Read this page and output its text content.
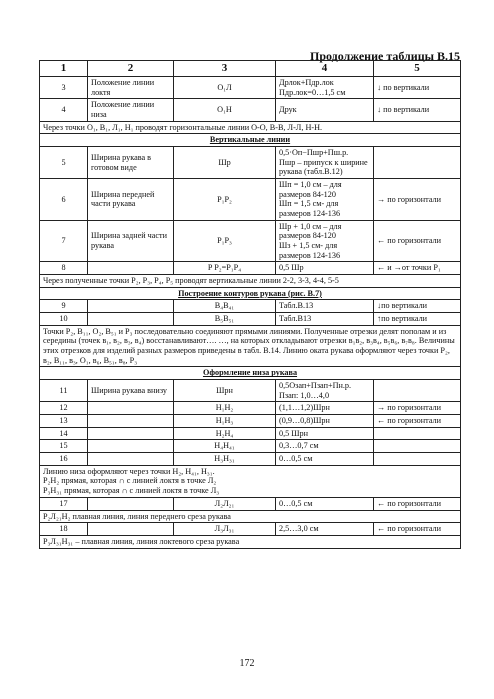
Продолжение таблицы В.15
1	2	3	4	5
3	Положение линии локтя	O₁Л	Дрлок+Пдр.лок
Пдр.лок=0…1,5 см	↓ по вертикали
4	Положение линии низа	O₁Н	Друк	↓ по вертикали
Через точки О₁, В₁, Л₁, Н₁ проводят горизонтальные линии О-О, В-В, Л-Л, Н-Н.				
Вертикальные линии				
5	Ширина рукава в готовом виде	Шр	0,5·Оп−Пшр+Пш.р.
Пшр – припуск к ширине рукава (табл.В.12)	
6	Ширина передней части рукава	P₁P₂	Шп = 1,0 см – для размеров 84-120
Шп = 1,5 см- для размеров 124-136	→ по горизонтали
7	Ширина задней части рукава	P₁P₃	Шр + 1,0 см – для размеров 84-120
Шз + 1,5 см- для размеров 124-136	← по горизонтали
8		P P₂=P₁P₄	0,5 Шр	← и →от точки Р₁
Через полученные точки Р₂, Р₃, Р₄, Р₅ проводят вертикальные линии 2-2, 3-3, 4-4, 5-5				
Построение контуров рукава (рис. В.7)				
9		B₄B₄₁	Табл.В.13	↓по вертикали
10		B₅B₅₁	Табл.В13	↑по вертикали
Точки Р₂, В₁₁, О₂, В₅₁ и Р₃ последовательно соединяют прямыми линиями. Полученные отрезки делят пополам и из середины (точек в₁, в₂, в₃, в₄) восстанавливают…. …, на которых откладывают отрезки в₁в₂, в₃в₄, в₅в₆, в₇в₈. Величины этих отрезков для изделий разных размеров приведены в табл. В.14. Линию оката рукава оформляют через точки Р₂, в₂, В₁₁, в₃, О₁, в₆, В₅₁, в₈, Р₃				
Оформление низа рукава				
11	Ширина рукава внизу	Шрн	0,5Озап+Пзап+Пн.р.
Пзап: 1,0…4,0	
12		H₁H₂	(1,1…1,2)Шрн	→ по горизонтали
13		H₁H₃	(0,9…0,8)Шрн	← по горизонтали
14		H₂H₄	0,5 Шрн	
15		H₄H₄₁	0,3…0,7 см	
16		H₃H₃₁	0…0,5 см	
Линию низа оформляют через точки Н₂, Н₄₁, Н₃₁.
Р₂Н₂ прямая, которая ∩ с линией локтя в точке Л₂
Р₃Н₃₁ прямая, которая ∩ с линией локтя в точке Л₃				
17		Л₂Л₂₁	0…0,5 см	← по горизонтали
Р₂Л₂₁Н₂ плавная линия, линия переднего среза рукава				
18		Л₃Л₃₁	2,5…3,0 см	← по горизонтали
Р₃Л₃₁Н₃₁ – плавная линия, линия локтевого среза рукава				
172
